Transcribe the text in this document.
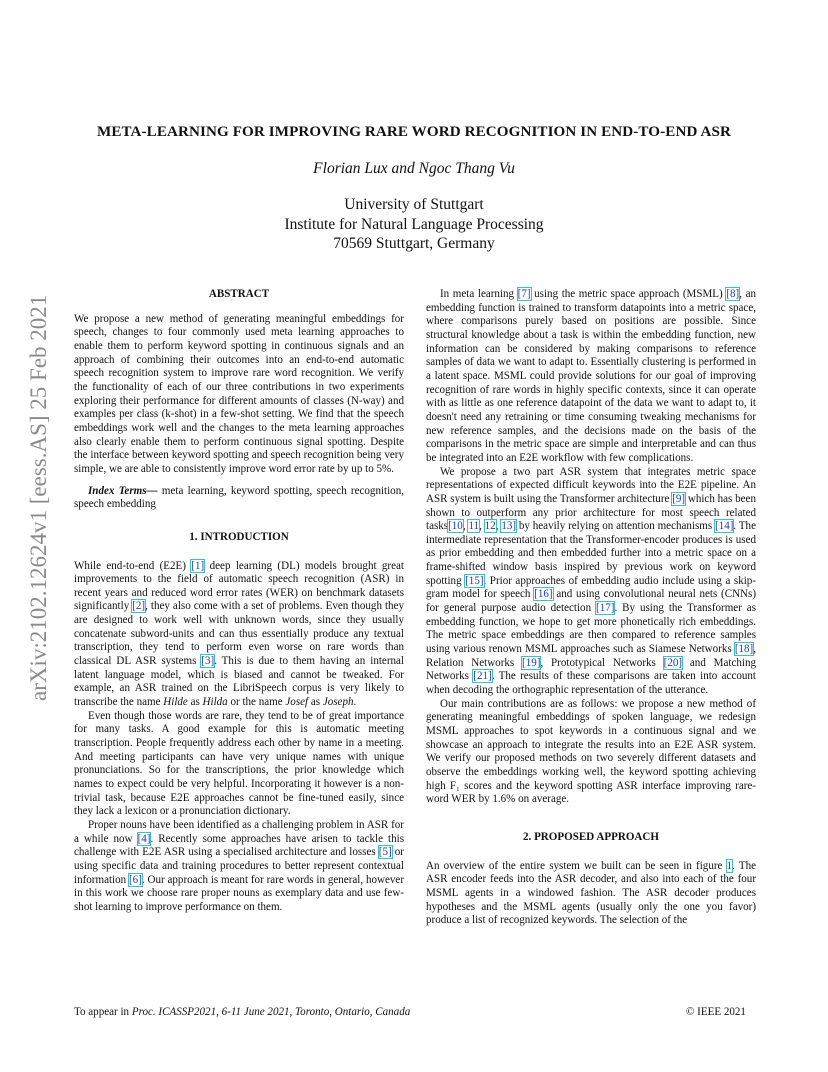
arXiv:2102.12624v1 [eess.AS] 25 Feb 2021
META-LEARNING FOR IMPROVING RARE WORD RECOGNITION IN END-TO-END ASR
Florian Lux and Ngoc Thang Vu
University of Stuttgart
Institute for Natural Language Processing
70569 Stuttgart, Germany
ABSTRACT

We propose a new method of generating meaningful embeddings for speech, changes to four commonly used meta learning approaches to enable them to perform keyword spotting in continuous signals and an approach of combining their outcomes into an end-to-end automatic speech recognition system to improve rare word recognition. We verify the functionality of each of our three contributions in two experiments exploring their performance for different amounts of classes (N-way) and examples per class (k-shot) in a few-shot setting. We find that the speech embeddings work well and the changes to the meta learning approaches also clearly enable them to perform continuous signal spotting. Despite the interface between keyword spotting and speech recognition being very simple, we are able to consistently improve word error rate by up to 5%.

Index Terms— meta learning, keyword spotting, speech recognition, speech embedding

1. INTRODUCTION

While end-to-end (E2E) [1] deep learning (DL) models brought great improvements to the field of automatic speech recognition (ASR) in recent years and reduced word error rates (WER) on benchmark datasets significantly [2], they also come with a set of problems. Even though they are designed to work well with unknown words, since they usually concatenate subword-units and can thus essentially produce any textual transcription, they tend to perform even worse on rare words than classical DL ASR systems [3]. This is due to them having an internal latent language model, which is biased and cannot be tweaked. For example, an ASR trained on the LibriSpeech corpus is very likely to transcribe the name Hilde as Hilda or the name Josef as Joseph.

Even though those words are rare, they tend to be of great importance for many tasks. A good example for this is automatic meeting transcription. People frequently address each other by name in a meeting. And meeting participants can have very unique names with unique pronunciations. So for the transcriptions, the prior knowledge which names to expect could be very helpful. Incorporating it however is a non-trivial task, because E2E approaches cannot be fine-tuned easily, since they lack a lexicon or a pronunciation dictionary.

Proper nouns have been identified as a challenging problem in ASR for a while now [4]. Recently some approaches have arisen to tackle this challenge with E2E ASR using a specialised architecture and losses [5] or using specific data and training procedures to better represent contextual information [6]. Our approach is meant for rare words in general, however in this work we choose rare proper nouns as exemplary data and use few-shot learning to improve performance on them.

In meta learning [7] using the metric space approach (MSML) [8], an embedding function is trained to transform datapoints into a metric space, where comparisons purely based on positions are possible. Since structural knowledge about a task is within the embedding function, new information can be considered by making comparisons to reference samples of data we want to adapt to. Essentially clustering is performed in a latent space. MSML could provide solutions for our goal of improving recognition of rare words in highly specific contexts, since it can operate with as little as one reference datapoint of the data we want to adapt to, it doesn't need any retraining or time consuming tweaking mechanisms for new reference samples, and the decisions made on the basis of the comparisons in the metric space are simple and interpretable and can thus be integrated into an E2E workflow with few complications.

We propose a two part ASR system that integrates metric space representations of expected difficult keywords into the E2E pipeline. An ASR system is built using the Transformer architecture [9] which has been shown to outperform any prior architecture for most speech related tasks[10, 11, 12, 13] by heavily relying on attention mechanisms [14]. The intermediate representation that the Transformer-encoder produces is used as prior embedding and then embedded further into a metric space on a frame-shifted window basis inspired by previous work on keyword spotting [15]. Prior approaches of embedding audio include using a skip-gram model for speech [16] and using convolutional neural nets (CNNs) for general purpose audio detection [17]. By using the Transformer as embedding function, we hope to get more phonetically rich embeddings. The metric space embeddings are then compared to reference samples using various renown MSML approaches such as Siamese Networks [18], Relation Networks [19], Prototypical Networks [20] and Matching Networks [21]. The results of these comparisons are taken into account when decoding the orthographic representation of the utterance.

Our main contributions are as follows: we propose a new method of generating meaningful embeddings of spoken language, we redesign MSML approaches to spot keywords in a continuous signal and we showcase an approach to integrate the results into an E2E ASR system. We verify our proposed methods on two severely different datasets and observe the embeddings working well, the keyword spotting achieving high F₁ scores and the keyword spotting ASR interface improving rare-word WER by 1.6% on average.

2. PROPOSED APPROACH

An overview of the entire system we built can be seen in figure 1. The ASR encoder feeds into the ASR decoder, and also into each of the four MSML agents in a windowed fashion. The ASR decoder produces hypotheses and the MSML agents (usually only the one you favor) produce a list of recognized keywords. The selection of the

To appear in Proc. ICASSP2021, 6-11 June 2021, Toronto, Ontario, Canada	© IEEE 2021
